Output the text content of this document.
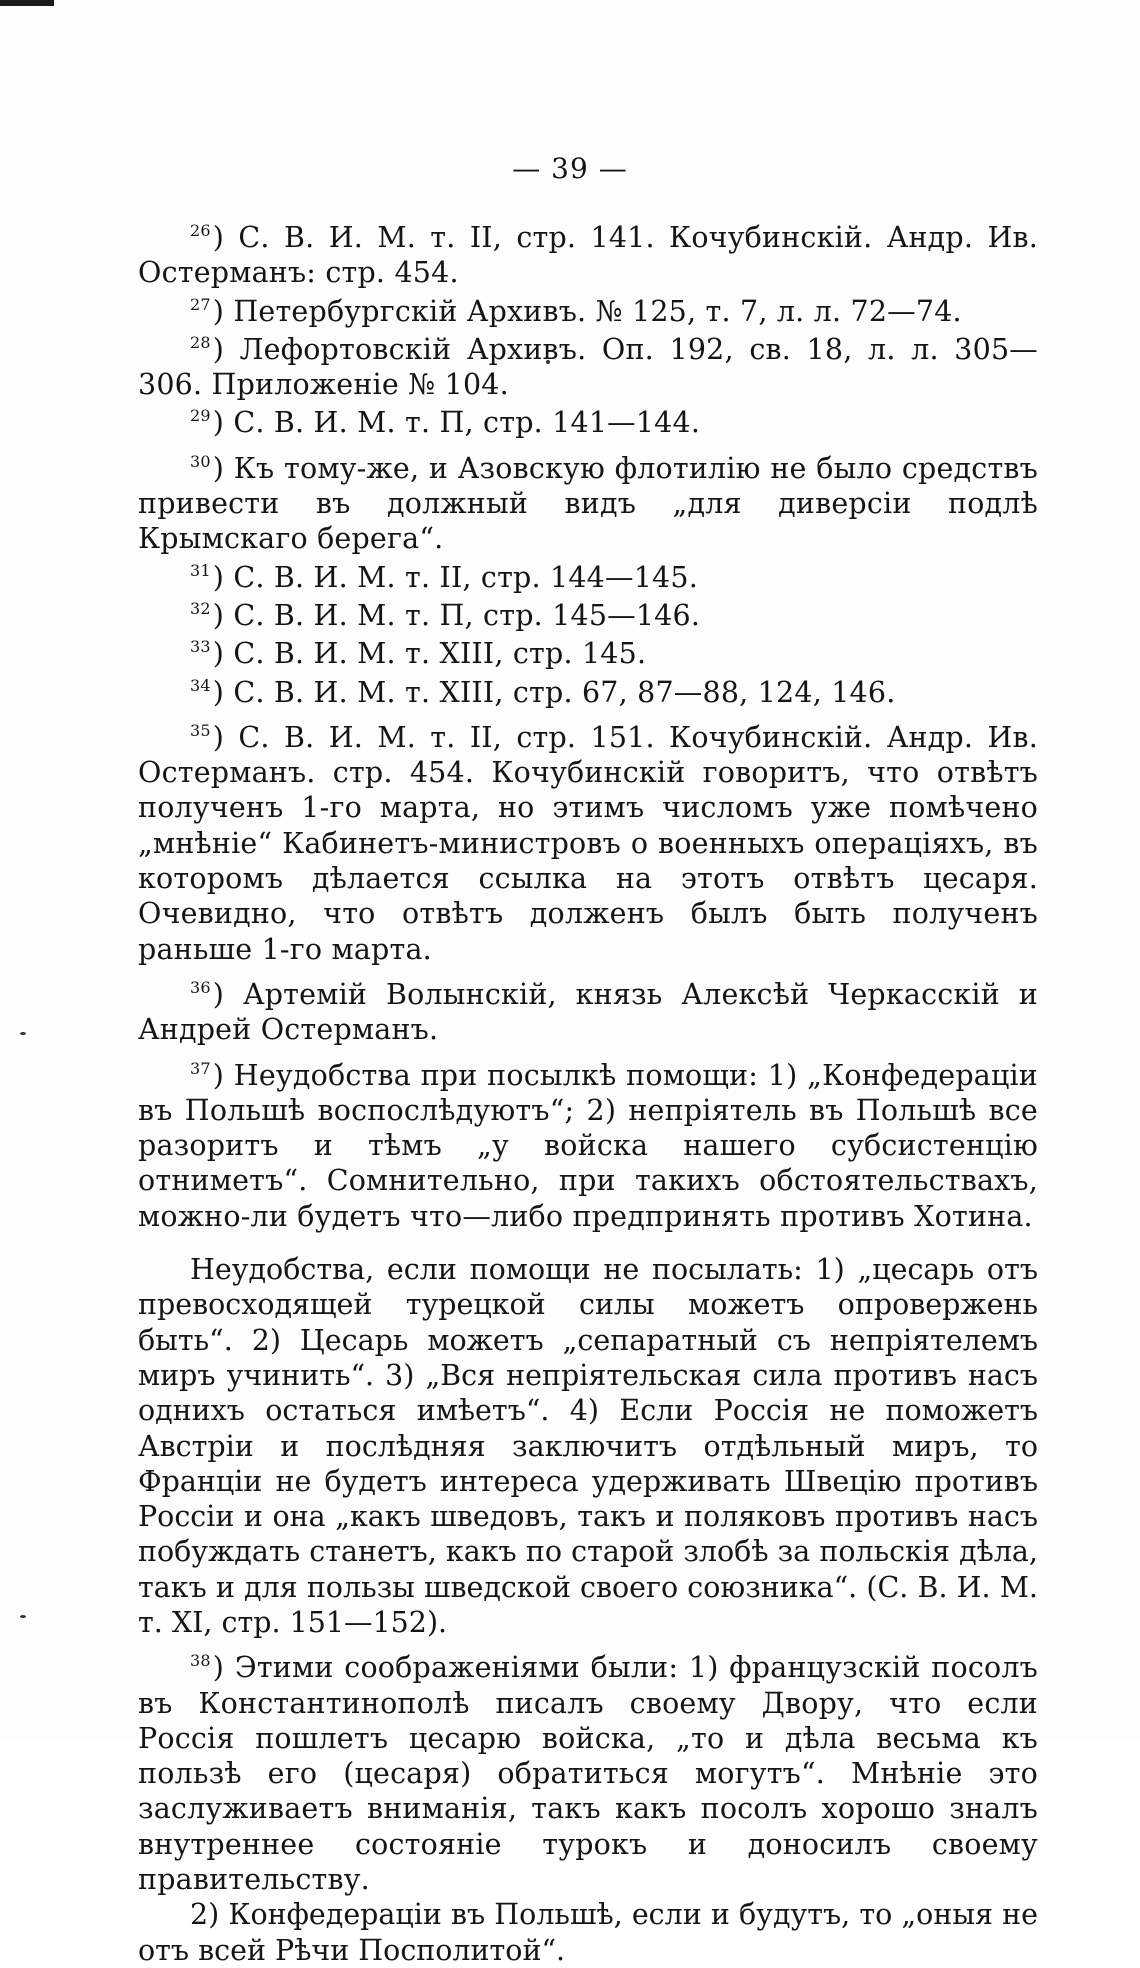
— 39 —

$^{26}$) С. В. И. М. т. II, стр. 141. Кочубинскій. Андр. Ив. Остерманъ: стр. 454.

$^{27}$) Петербургскій Архивъ. № 125, т. 7, л. л. 72—74.

$^{28}$) Лефортовскій Архивъ. Оп. 192, св. 18, л. л. 305—306. Приложеніе № 104.

$^{29}$) С. В. И. М. т. П, стр. 141—144.

$^{30}$) Къ тому-же, и Азовскую флотилію не было средствъ привести въ должный видъ „для диверсіи подлѣ Крымскаго берега“.

$^{31}$) С. В. И. М. т. II, стр. 144—145.

$^{32}$) С. В. И. М. т. П, стр. 145—146.

$^{33}$) С. В. И. М. т. XIII, стр. 145.

$^{34}$) С. В. И. М. т. XIII, стр. 67, 87—88, 124, 146.

$^{35}$) С. В. И. М. т. II, стр. 151. Кочубинскій. Андр. Ив. Остерманъ. стр. 454. Кочубинскій говоритъ, что отвѣтъ полученъ 1-го марта, но этимъ числомъ уже помѣчено „мнѣніе“ Кабинетъ-министровъ о военныхъ операціяхъ, въ которомъ дѣлается ссылка на этотъ отвѣтъ цесаря. Очевидно, что отвѣтъ долженъ былъ быть полученъ раньше 1-го марта.

$^{36}$) Артемій Волынскій, князь Алексѣй Черкасскій и Андрей Остерманъ.

$^{37}$) Неудобства при посылкѣ помощи: 1) „Конфедераціи въ Польшѣ воспослѣдуютъ“; 2) непріятель въ Польшѣ все разоритъ и тѣмъ „у войска нашего субсистенцію отниметъ“. Сомнительно, при такихъ обстоятельствахъ, можно-ли будетъ что—либо предпринять противъ Хотина.

Неудобства, если помощи не посылать: 1) „цесарь отъ превосходящей турецкой силы можетъ опровержень быть“. 2) Цесарь можетъ „сепаратный съ непріятелемъ миръ учинить“. 3) „Вся непріятельская сила противъ насъ однихъ остаться имѣетъ“. 4) Если Россія не поможетъ Австріи и послѣдняя заключитъ отдѣльный миръ, то Франціи не будетъ интереса удерживать Швецію противъ Россіи и она „какъ шведовъ, такъ и поляковъ противъ насъ побуждать станетъ, какъ по старой злобѣ за польскія дѣла, такъ и для пользы шведской своего союзника“. (С. В. И. М. т. XI, стр. 151—152).

$^{38}$) Этими соображеніями были: 1) французскій посолъ въ Константинополѣ писалъ своему Двору, что если Россія пошлетъ цесарю войска, „то и дѣла весьма къ пользѣ его (цесаря) обратиться могутъ“. Мнѣніе это заслуживаетъ вниманія, такъ какъ посолъ хорошо зналъ внутреннее состояніе турокъ и доносилъ своему правительству.

2) Конфедераціи въ Польшѣ, если и будутъ, то „оныя не отъ всей Рѣчи Посполитой“.
